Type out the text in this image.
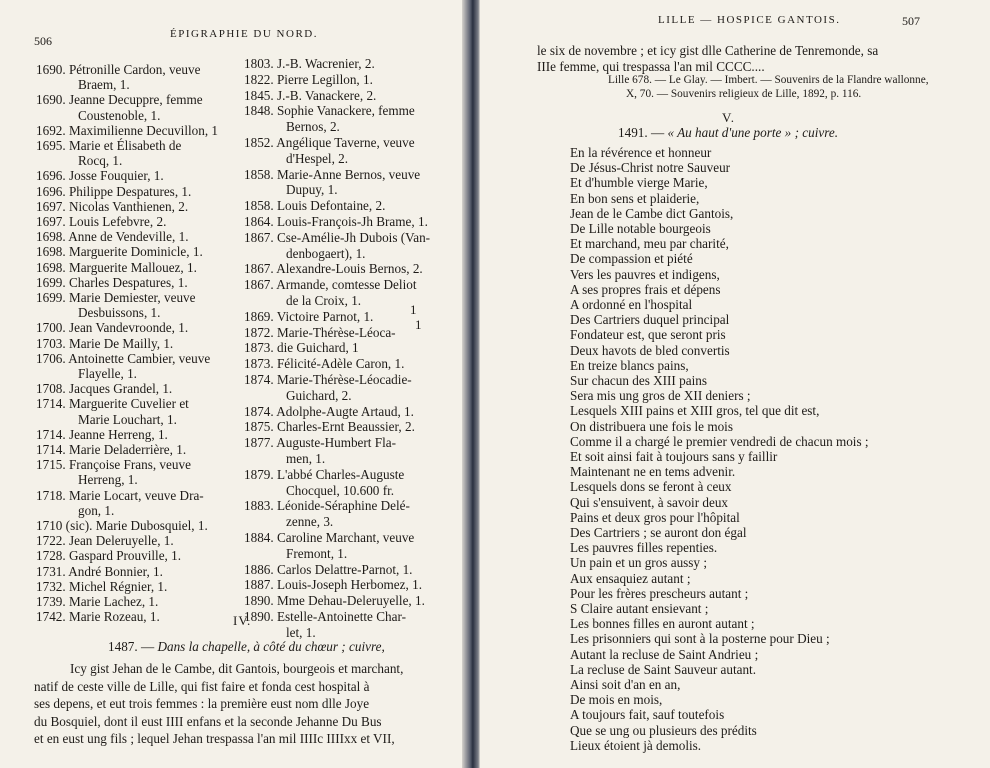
506	ÉPIGRAPHIE DU NORD.
1690. Pétronille Cardon, veuve
Braem, 1.
1690. Jeanne Decuppre, femme
Coustenoble, 1.
1692. Maximilienne Decuvillon, 1
1695. Marie et Élisabeth de
Rocq, 1.
1696. Josse Fouquier, 1.
1696. Philippe Despatures, 1.
1697. Nicolas Vanthienen, 2.
1697. Louis Lefebvre, 2.
1698. Anne de Vendeville, 1.
1698. Marguerite Dominicle, 1.
1698. Marguerite Mallouez, 1.
1699. Charles Despatures, 1.
1699. Marie Demiester, veuve
Desbuissons, 1.
1700. Jean Vandevroonde, 1.
1703. Marie De Mailly, 1.
1706. Antoinette Cambier, veuve
Flayelle, 1.
1708. Jacques Grandel, 1.
1714. Marguerite Cuvelier et
Marie Louchart, 1.
1714. Jeanne Herreng, 1.
1714. Marie Deladerrière, 1.
1715. Françoise Frans, veuve
Herreng, 1.
1718. Marie Locart, veuve Dra-
gon, 1.
1710 (sic). Marie Dubosquiel, 1.
1722. Jean Deleruyelle, 1.
1728. Gaspard Prouville, 1.
1731. André Bonnier, 1.
1732. Michel Régnier, 1.
1739. Marie Lachez, 1.
1742. Marie Rozeau, 1.
1803. J.-B. Wacrenier, 2.
1822. Pierre Legillon, 1.
1845. J.-B. Vanackere, 2.
1848. Sophie Vanackere, femme
Bernos, 2.
1852. Angélique Taverne, veuve
d'Hespel, 2.
1858. Marie-Anne Bernos, veuve
Dupuy, 1.
1858. Louis Defontaine, 2.
1864. Louis-François-Jh Brame, 1.
1867. Cse-Amélie-Jh Dubois (Van-
denbogaert), 1.
1867. Alexandre-Louis Bernos, 2.
1867. Armande, comtesse Deliot
de la Croix, 1.
1869. Victoire Parnot, 1.
1872. Marie-Thérèse-Léoca-
1873. die Guichard, 1
1873. Félicité-Adèle Caron, 1.
1874. Marie-Thérèse-Léocadie-
Guichard, 2.
1874. Adolphe-Augte Artaud, 1.
1875. Charles-Ernt Beaussier, 2.
1877. Auguste-Humbert Fla-
men, 1.
1879. L'abbé Charles-Auguste
Chocquel, 10.600 fr.
1883. Léonide-Séraphine Delé-
zenne, 3.
1884. Caroline Marchant, veuve
Fremont, 1.
1886. Carlos Delattre-Parnot, 1.
1887. Louis-Joseph Herbomez, 1.
1890. Mme Dehau-Deleruyelle, 1.
1890. Estelle-Antoinette Char-
let, 1.
1
1
IV.
1487. — Dans la chapelle, à côté du chœur ; cuivre,
Icy gist Jehan de le Cambe, dit Gantois, bourgeois et marchant,
natif de ceste ville de Lille, qui fist faire et fonda cest hospital à
ses depens, et eut trois femmes : la première eust nom dlle Joye
du Bosquiel, dont il eust IIII enfans et la seconde Jehanne Du Bus
et en eust ung fils ; lequel Jehan trespassa l'an mil IIIIc IIIIxx et VII,
LILLE — HOSPICE GANTOIS.	507
le six de novembre ; et icy gist dlle Catherine de Tenremonde, sa
IIIe femme, qui trespassa l'an mil CCCC....
Lille 678. — Le Glay. — Imbert. — Souvenirs de la Flandre wallonne,
X, 70. — Souvenirs religieux de Lille, 1892, p. 116.
V.
1491. — « Au haut d'une porte » ; cuivre.
En la révérence et honneur
De Jésus-Christ notre Sauveur
Et d'humble vierge Marie,
En bon sens et plaiderie,
Jean de le Cambe dict Gantois,
De Lille notable bourgeois
Et marchand, meu par charité,
De compassion et piété
Vers les pauvres et indigens,
A ses propres frais et dépens
A ordonné en l'hospital
Des Cartriers duquel principal
Fondateur est, que seront pris
Deux havots de bled convertis
En treize blancs pains,
Sur chacun des XIII pains
Sera mis ung gros de XII deniers ;
Lesquels XIII pains et XIII gros, tel que dit est,
On distribuera une fois le mois
Comme il a chargé le premier vendredi de chacun mois ;
Et soit ainsi fait à toujours sans y faillir
Maintenant ne en tems advenir.
Lesquels dons se feront à ceux
Qui s'ensuivent, à savoir deux
Pains et deux gros pour l'hôpital
Des Cartriers ; se auront don égal
Les pauvres filles repenties.
Un pain et un gros aussy ;
Aux ensaquiez autant ;
Pour les frères prescheurs autant ;
S Claire autant ensievant ;
Les bonnes filles en auront autant ;
Les prisonniers qui sont à la posterne pour Dieu ;
Autant la recluse de Saint Andrieu ;
La recluse de Saint Sauveur autant.
Ainsi soit d'an en an,
De mois en mois,
A toujours fait, sauf toutefois
Que se ung ou plusieurs des prédits
Lieux étoient jà demolis.
